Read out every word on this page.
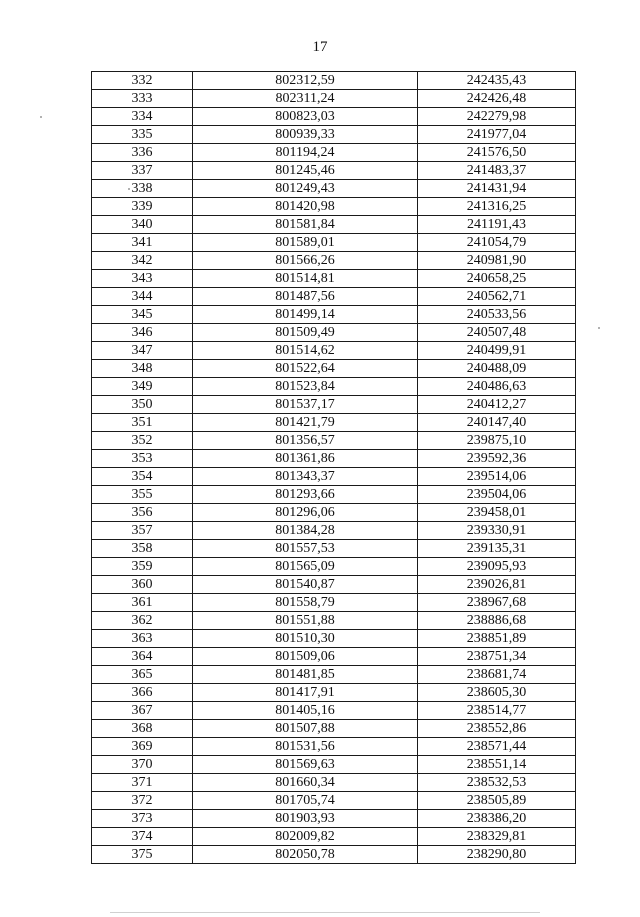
17
332	802312,59	242435,43
333	802311,24	242426,48
334	800823,03	242279,98
335	800939,33	241977,04
336	801194,24	241576,50
337	801245,46	241483,37
338	801249,43	241431,94
339	801420,98	241316,25
340	801581,84	241191,43
341	801589,01	241054,79
342	801566,26	240981,90
343	801514,81	240658,25
344	801487,56	240562,71
345	801499,14	240533,56
346	801509,49	240507,48
347	801514,62	240499,91
348	801522,64	240488,09
349	801523,84	240486,63
350	801537,17	240412,27
351	801421,79	240147,40
352	801356,57	239875,10
353	801361,86	239592,36
354	801343,37	239514,06
355	801293,66	239504,06
356	801296,06	239458,01
357	801384,28	239330,91
358	801557,53	239135,31
359	801565,09	239095,93
360	801540,87	239026,81
361	801558,79	238967,68
362	801551,88	238886,68
363	801510,30	238851,89
364	801509,06	238751,34
365	801481,85	238681,74
366	801417,91	238605,30
367	801405,16	238514,77
368	801507,88	238552,86
369	801531,56	238571,44
370	801569,63	238551,14
371	801660,34	238532,53
372	801705,74	238505,89
373	801903,93	238386,20
374	802009,82	238329,81
375	802050,78	238290,80
